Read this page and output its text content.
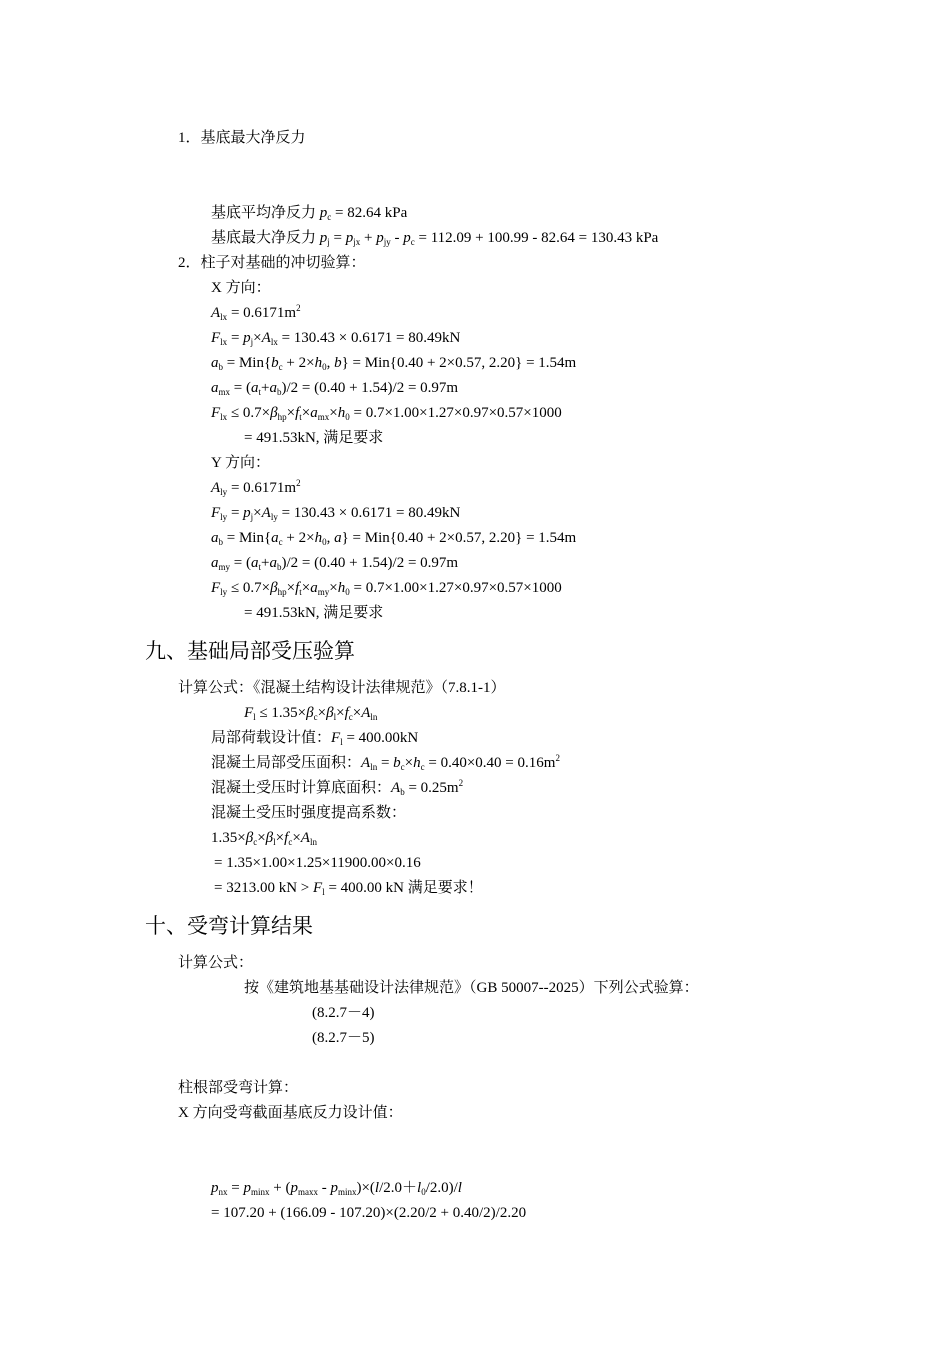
1．基底最大净反力
基底平均净反力 $p_c = 82.64$ kPa
基底最大净反力 $p_j = p_{jx} + p_{jy} - p_c = 112.09 + 100.99 - 82.64 = 130.43$ kPa
2．柱子对基础的冲切验算：
X 方向：
$A_{lx} = 0.6171m^2$
$F_{lx} = p_j\times A_{lx} = 130.43 \times 0.6171 = 80.49kN$
$a_b = Min\{b_c + 2\times h_0$, b} = Min{0.40 + 2×0.57, 2.20} = 1.54m
$a_{mx} = (a_t+a_b)/2 = (0.40 + 1.54)/2 = 0.97m$
$F_{lx} \le 0.7\times\beta_{hp}\times f_t\times a_{mx}\times h_0 = 0.7\times 1.00\times 1.27\times 0.97\times 0.57\times 1000$
= 491.53kN, 满足要求
Y 方向：
$A_{ly} = 0.6171m^2$
$F_{ly} = p_j\times A_{ly} = 130.43 \times 0.6171 = 80.49kN$
$a_b = Min\{a_c + 2\times h_0$, a} = Min{0.40 + 2×0.57, 2.20} = 1.54m
$a_{my} = (a_t+a_b)/2 = (0.40 + 1.54)/2 = 0.97m$
$F_{ly} \le 0.7\times\beta_{hp}\times f_t\times a_{my}\times h_0 = 0.7\times 1.00\times 1.27\times 0.97\times 0.57\times 1000$
= 491.53kN, 满足要求
九、基础局部受压验算
计算公式：《混凝土结构设计法律规范》（7.8.1-1）
$F_l \le 1.35\times\beta_c\times\beta_l\times f_c\times A_{ln}$
局部荷载设计值：$F_l = 400.00kN$
混凝土局部受压面积：$A_{ln} = b_c\times h_c = 0.40\times 0.40 = 0.16m^2$
混凝土受压时计算底面积：$A_b = 0.25m^2$
混凝土受压时强度提高系数：
$1.35\times\beta_c\times\beta_l\times f_c\times A_{ln}$
= 1.35×1.00×1.25×11900.00×0.16
= 3213.00 kN > $F_l = 400.00$ kN 满足要求！
十、受弯计算结果
计算公式：
按《建筑地基基础设计法律规范》（GB 50007--2025）下列公式验算：
(8.2.7－4)
(8.2.7－5)
柱根部受弯计算：
X 方向受弯截面基底反力设计值：
$p_{nx} = p_{minx} + (p_{maxx} - p_{minx})\times(l/2.0+l_0/2.0)/l$
= 107.20 + (166.09 - 107.20)×(2.20/2 + 0.40/2)/2.20
